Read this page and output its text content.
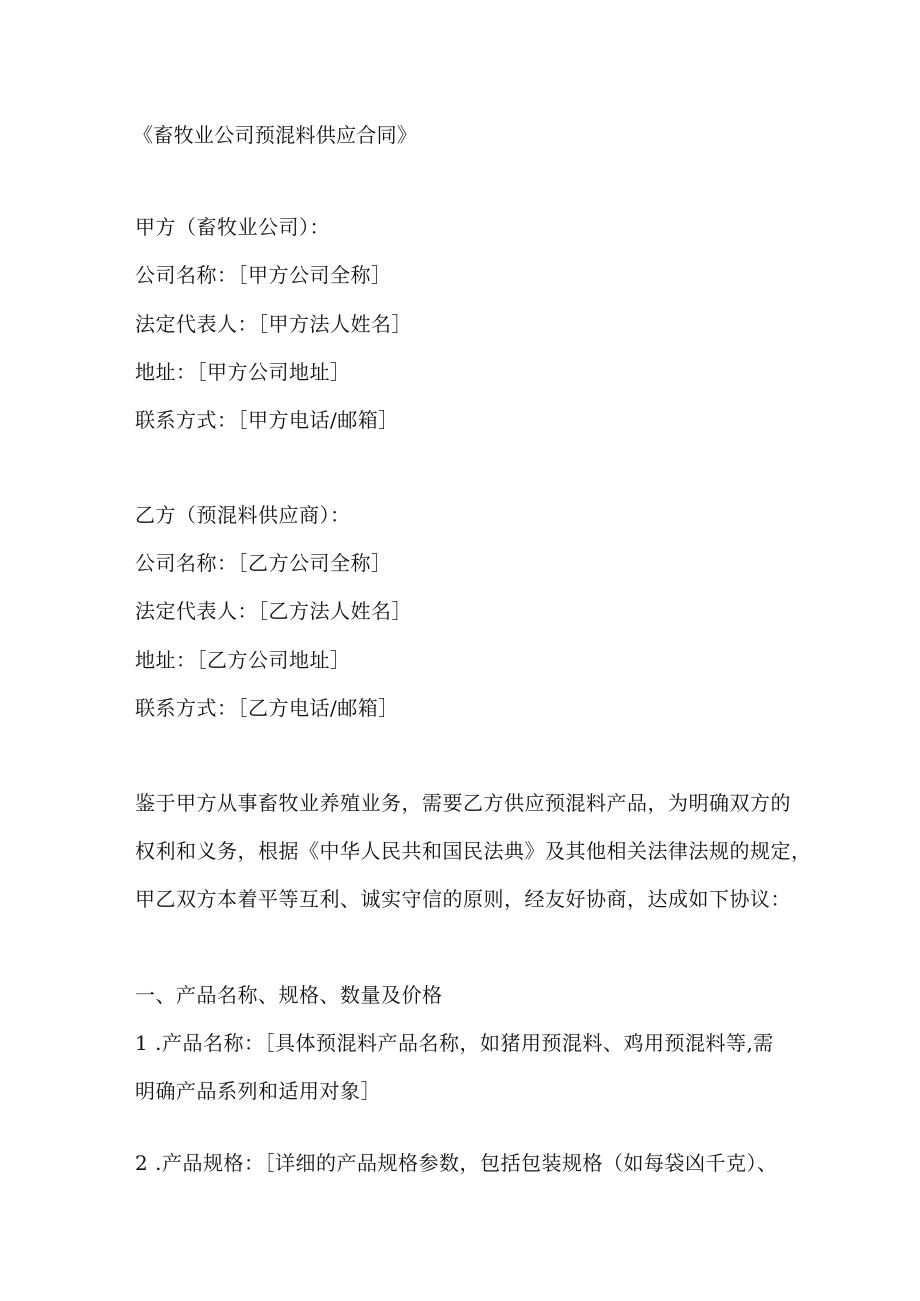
《畜牧业公司预混料供应合同》
甲方（畜牧业公司）：
公司名称：［甲方公司全称］
法定代表人：［甲方法人姓名］
地址：［甲方公司地址］
联系方式：［甲方电话/邮箱］
乙方（预混料供应商）：
公司名称：［乙方公司全称］
法定代表人：［乙方法人姓名］
地址：［乙方公司地址］
联系方式：［乙方电话/邮箱］
鉴于甲方从事畜牧业养殖业务，需要乙方供应预混料产品，为明确双方的
权利和义务，根据《中华人民共和国民法典》及其他相关法律法规的规定，
甲乙双方本着平等互利、诚实守信的原则，经友好协商，达成如下协议：
一、产品名称、规格、数量及价格
1 .产品名称：［具体预混料产品名称，如猪用预混料、鸡用预混料等,需
明确产品系列和适用对象］
2 .产品规格：［详细的产品规格参数，包括包装规格（如每袋凶千克）、
